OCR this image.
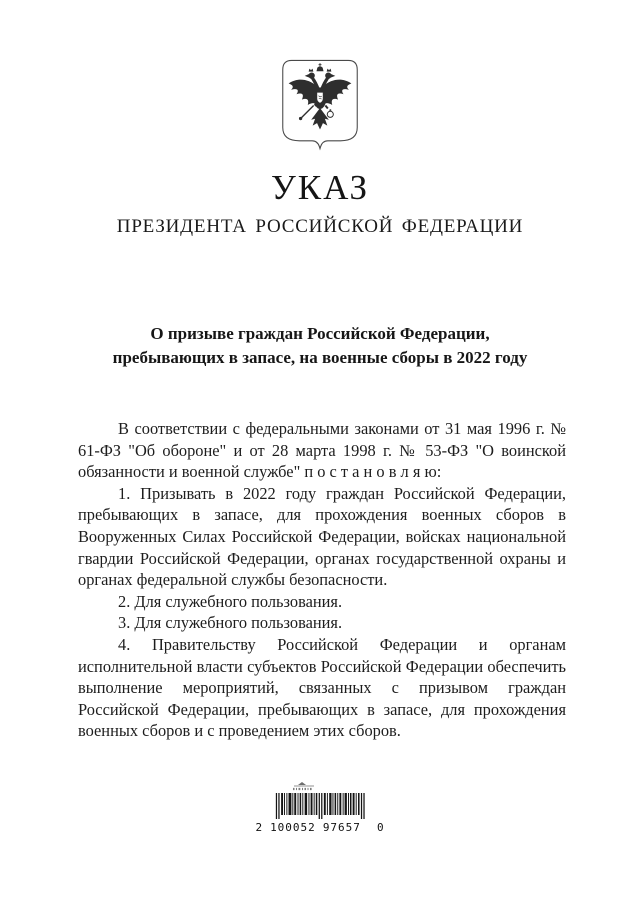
УКАЗ
ПРЕЗИДЕНТА РОССИЙСКОЙ ФЕДЕРАЦИИ
О призыве граждан Российской Федерации,
пребывающих в запасе, на военные сборы в 2022 году

В соответствии с федеральными законами от 31 мая 1996 г. № 61-ФЗ "Об обороне" и от 28 марта 1998 г. № 53-ФЗ "О воинской обязанности и военной службе" п о с т а н о в л я ю:

1. Призывать в 2022 году граждан Российской Федерации, пребывающих в запасе, для прохождения военных сборов в Вооруженных Силах Российской Федерации, войсках национальной гвардии Российской Федерации, органах государственной охраны и органах федеральной службы безопасности.

2. Для служебного пользования.

3. Для служебного пользования.

4. Правительству Российской Федерации и органам исполнительной власти субъектов Российской Федерации обеспечить выполнение мероприятий, связанных с призывом граждан Российской Федерации, пребывающих в запасе, для прохождения военных сборов и с проведением этих сборов.

2 100052 97657 0
